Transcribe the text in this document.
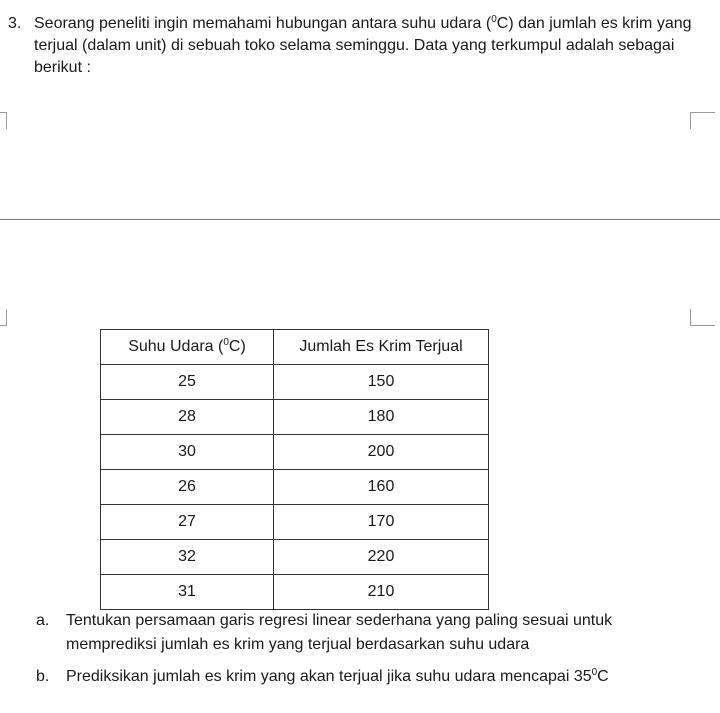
3. Seorang peneliti ingin memahami hubungan antara suhu udara ($^0$C) dan jumlah es krim yang terjual (dalam unit) di sebuah toko selama seminggu. Data yang terkumpul adalah sebagai berikut :
Suhu Udara ($^0$C)	Jumlah Es Krim Terjual
25	150
28	180
30	200
26	160
27	170
32	220
31	210
a. Tentukan persamaan garis regresi linear sederhana yang paling sesuai untuk
memprediksi jumlah es krim yang terjual berdasarkan suhu udara
b. Prediksikan jumlah es krim yang akan terjual jika suhu udara mencapai $35^0C$
